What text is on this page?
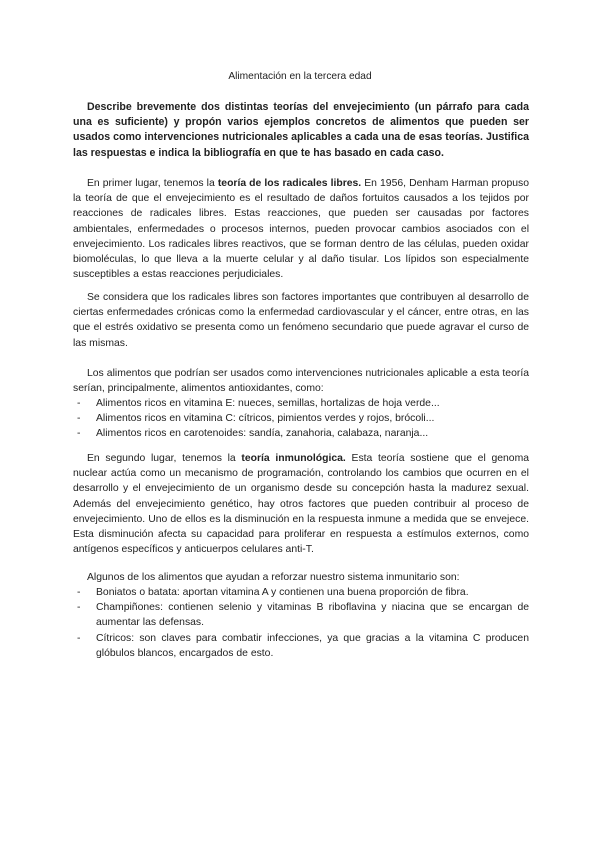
Alimentación en la tercera edad
Describe brevemente dos distintas teorías del envejecimiento (un párrafo para cada una es suficiente) y propón varios ejemplos concretos de alimentos que pueden ser usados como intervenciones nutricionales aplicables a cada una de esas teorías. Justifica las respuestas e indica la bibliografía en que te has basado en cada caso.

En primer lugar, tenemos la teoría de los radicales libres. En 1956, Denham Harman propuso la teoría de que el envejecimiento es el resultado de daños fortuitos causados a los tejidos por reacciones de radicales libres. Estas reacciones, que pueden ser causadas por factores ambientales, enfermedades o procesos internos, pueden provocar cambios asociados con el envejecimiento. Los radicales libres reactivos, que se forman dentro de las células, pueden oxidar biomoléculas, lo que lleva a la muerte celular y al daño tisular. Los lípidos son especialmente susceptibles a estas reacciones perjudiciales.

Se considera que los radicales libres son factores importantes que contribuyen al desarrollo de ciertas enfermedades crónicas como la enfermedad cardiovascular y el cáncer, entre otras, en las que el estrés oxidativo se presenta como un fenómeno secundario que puede agravar el curso de las mismas.

Los alimentos que podrían ser usados como intervenciones nutricionales aplicable a esta teoría serían, principalmente, alimentos antioxidantes, como:

- Alimentos ricos en vitamina E: nueces, semillas, hortalizas de hoja verde...
- Alimentos ricos en vitamina C: cítricos, pimientos verdes y rojos, brócoli...
- Alimentos ricos en carotenoides: sandía, zanahoria, calabaza, naranja...

En segundo lugar, tenemos la teoría inmunológica. Esta teoría sostiene que el genoma nuclear actúa como un mecanismo de programación, controlando los cambios que ocurren en el desarrollo y el envejecimiento de un organismo desde su concepción hasta la madurez sexual. Además del envejecimiento genético, hay otros factores que pueden contribuir al proceso de envejecimiento. Uno de ellos es la disminución en la respuesta inmune a medida que se envejece. Esta disminución afecta su capacidad para proliferar en respuesta a estímulos externos, como antígenos específicos y anticuerpos celulares anti-T.

Algunos de los alimentos que ayudan a reforzar nuestro sistema inmunitario son:

- Boniatos o batata: aportan vitamina A y contienen una buena proporción de fibra.
- Champiñones: contienen selenio y vitaminas B riboflavina y niacina que se encargan de aumentar las defensas.
- Cítricos: son claves para combatir infecciones, ya que gracias a la vitamina C producen glóbulos blancos, encargados de esto.
